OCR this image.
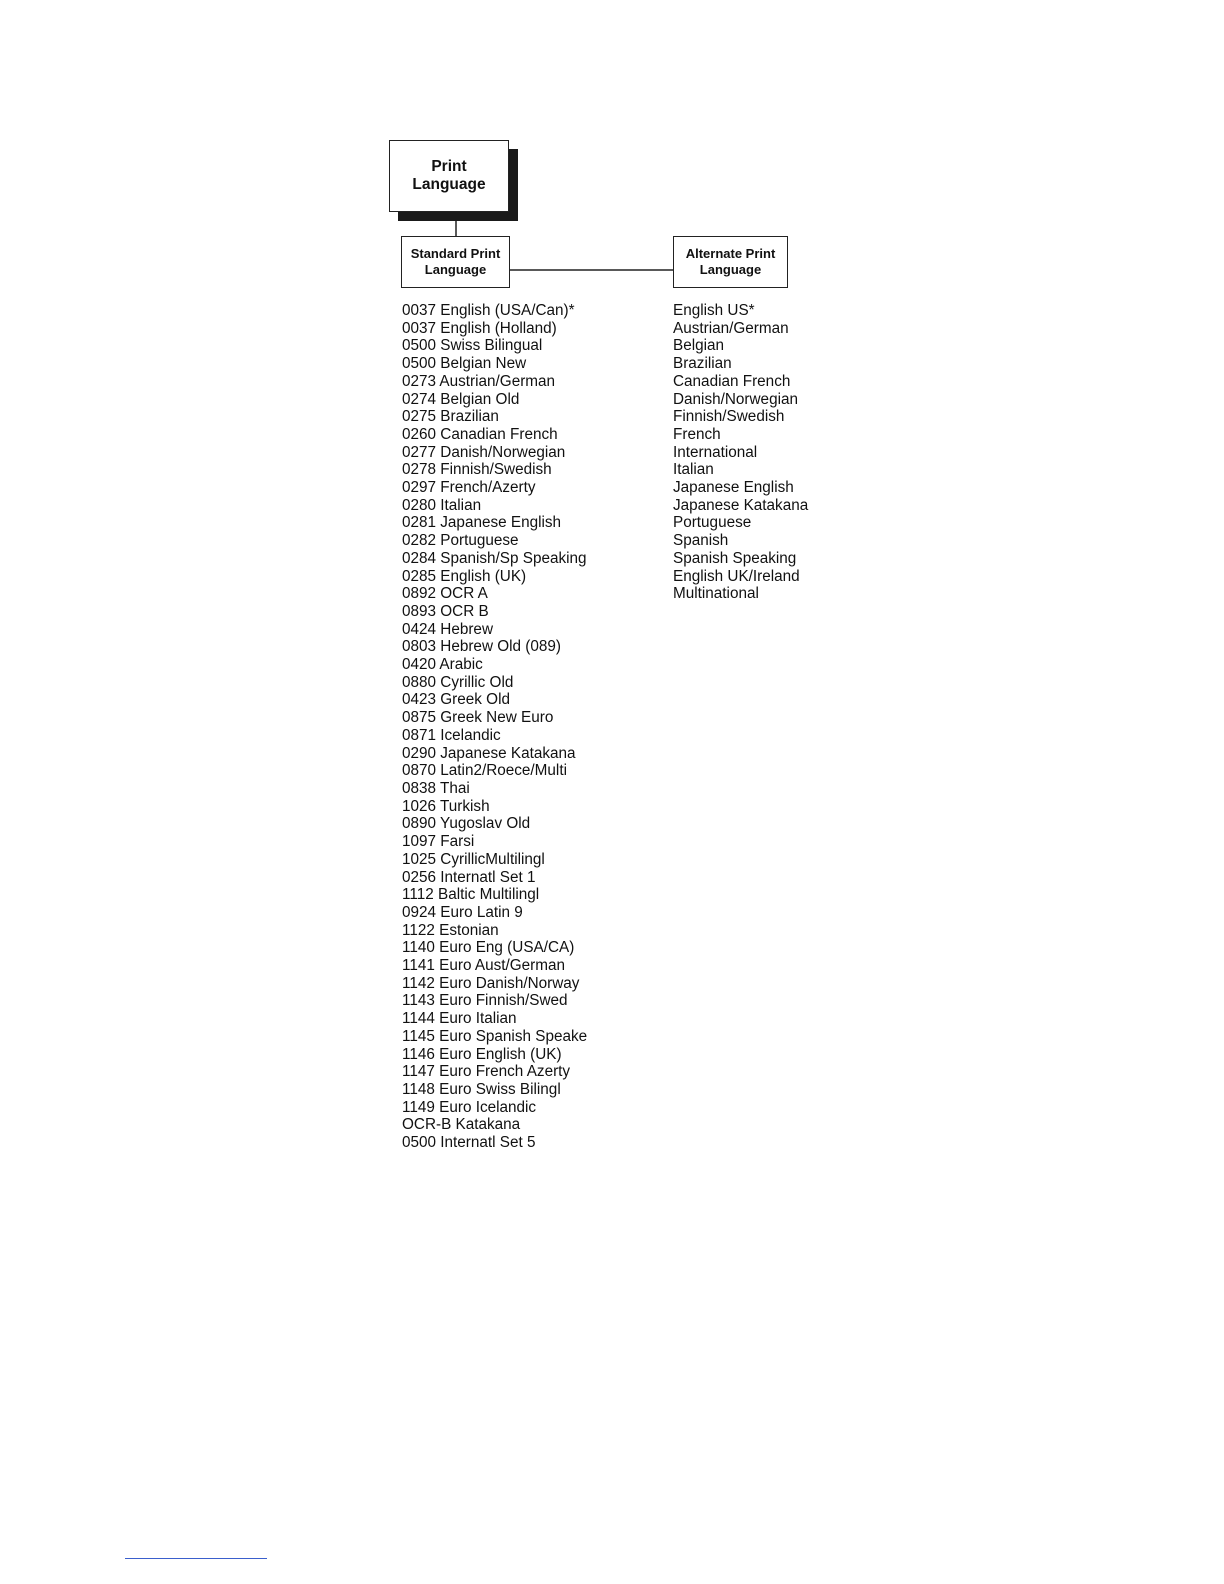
Print
Language
Standard Print
Language
Alternate Print
Language
0037 English (USA/Can)*
0037 English (Holland)
0500 Swiss Bilingual
0500 Belgian New
0273 Austrian/German
0274 Belgian Old
0275 Brazilian
0260 Canadian French
0277 Danish/Norwegian
0278 Finnish/Swedish
0297 French/Azerty
0280 Italian
0281 Japanese English
0282 Portuguese
0284 Spanish/Sp Speaking
0285 English (UK)
0892 OCR A
0893 OCR B
0424 Hebrew
0803 Hebrew Old (089)
0420 Arabic
0880 Cyrillic Old
0423 Greek Old
0875 Greek New Euro
0871 Icelandic
0290 Japanese Katakana
0870 Latin2/Roece/Multi
0838 Thai
1026 Turkish
0890 Yugoslav Old
1097 Farsi
1025 CyrillicMultilingl
0256 Internatl Set 1
1112 Baltic Multilingl
0924 Euro Latin 9
1122 Estonian
1140 Euro Eng (USA/CA)
1141 Euro Aust/German
1142 Euro Danish/Norway
1143 Euro Finnish/Swed
1144 Euro Italian
1145 Euro Spanish Speake
1146 Euro English (UK)
1147 Euro French Azerty
1148 Euro Swiss Bilingl
1149 Euro Icelandic
OCR-B Katakana
0500 Internatl Set 5
English US*
Austrian/German
Belgian
Brazilian
Canadian French
Danish/Norwegian
Finnish/Swedish
French
International
Italian
Japanese English
Japanese Katakana
Portuguese
Spanish
Spanish Speaking
English UK/Ireland
Multinational
